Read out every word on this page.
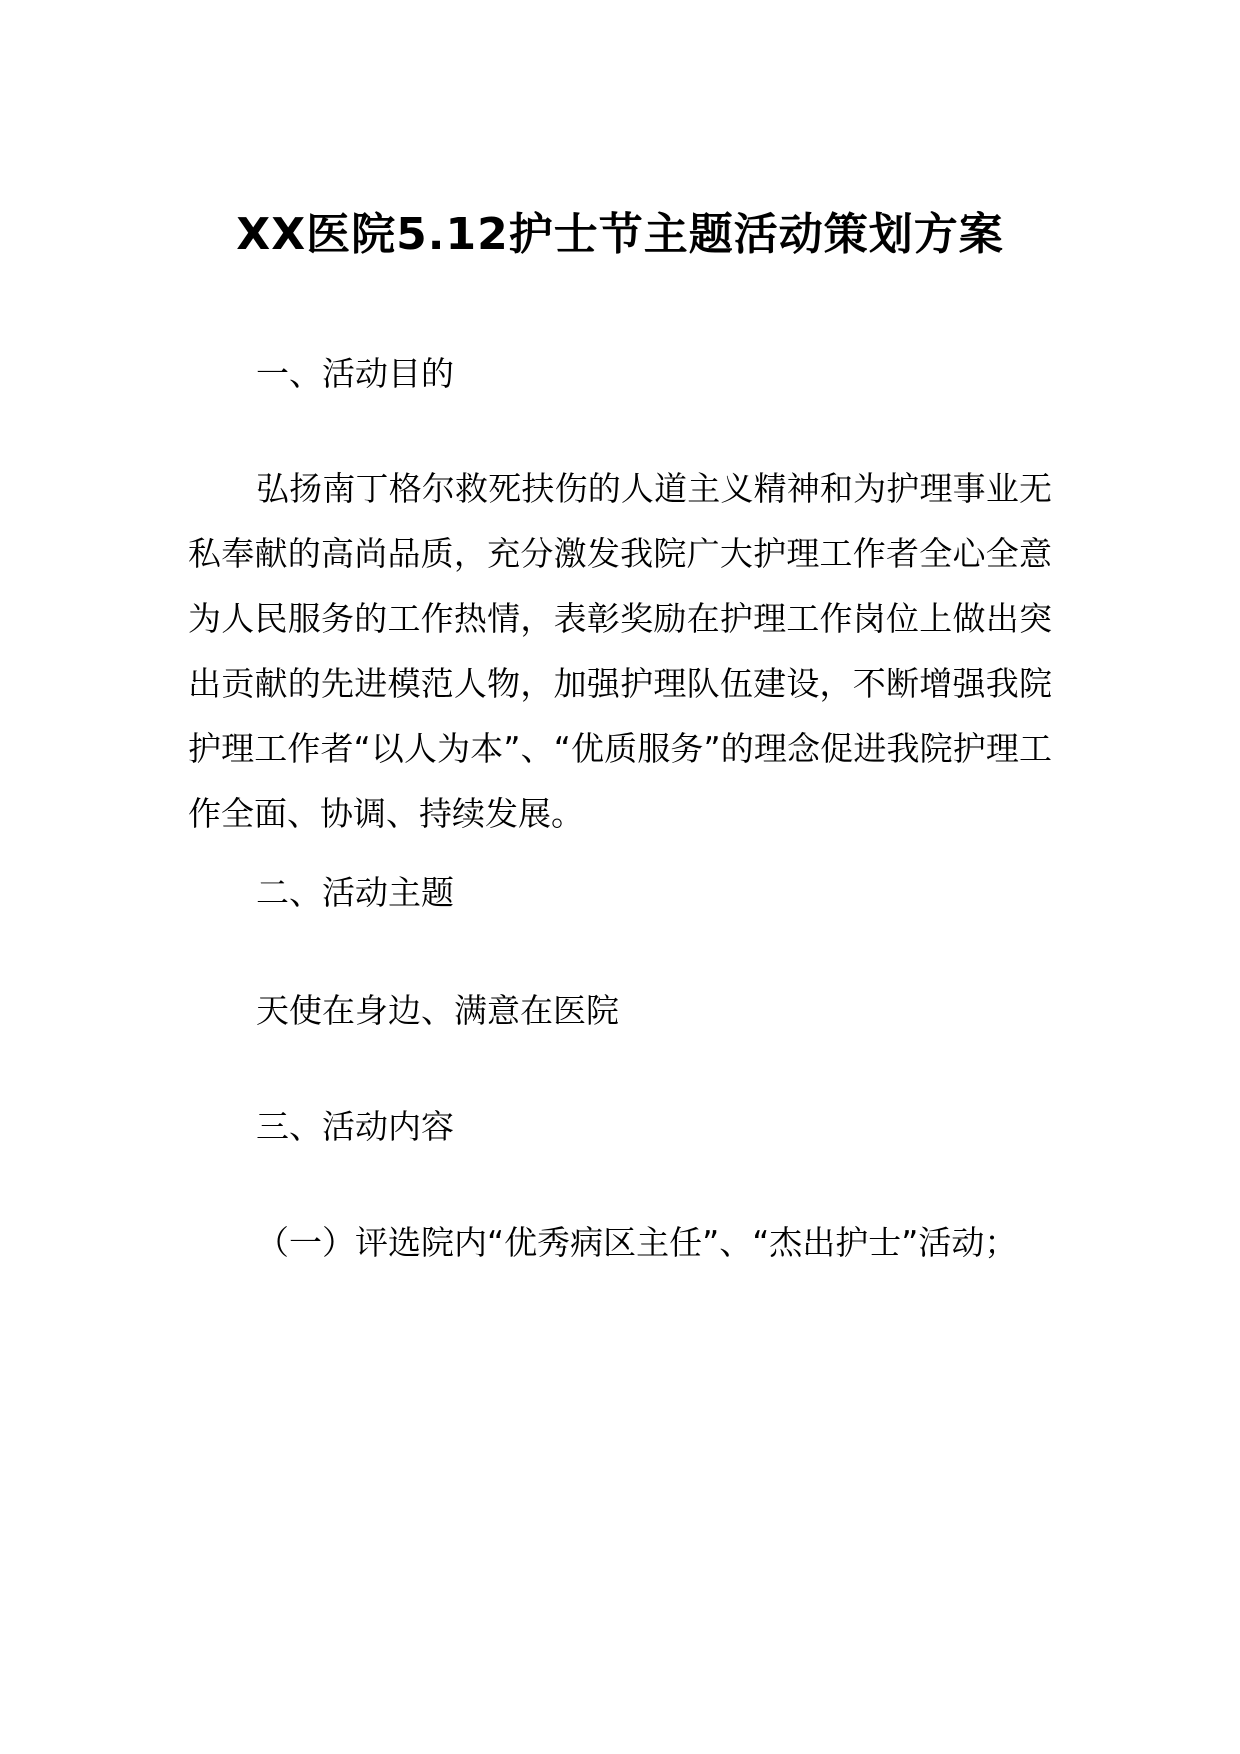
XX医院5.12护士节主题活动策划方案
一、活动目的

弘扬南丁格尔救死扶伤的人道主义精神和为护理事业无私奉献的高尚品质，充分激发我院广大护理工作者全心全意为人民服务的工作热情，表彰奖励在护理工作岗位上做出突出贡献的先进模范人物，加强护理队伍建设，不断增强我院护理工作者“以人为本”、“优质服务”的理念促进我院护理工作全面、协调、持续发展。

二、活动主题

天使在身边、满意在医院

三、活动内容

（一）评选院内“优秀病区主任”、“杰出护士”活动；
